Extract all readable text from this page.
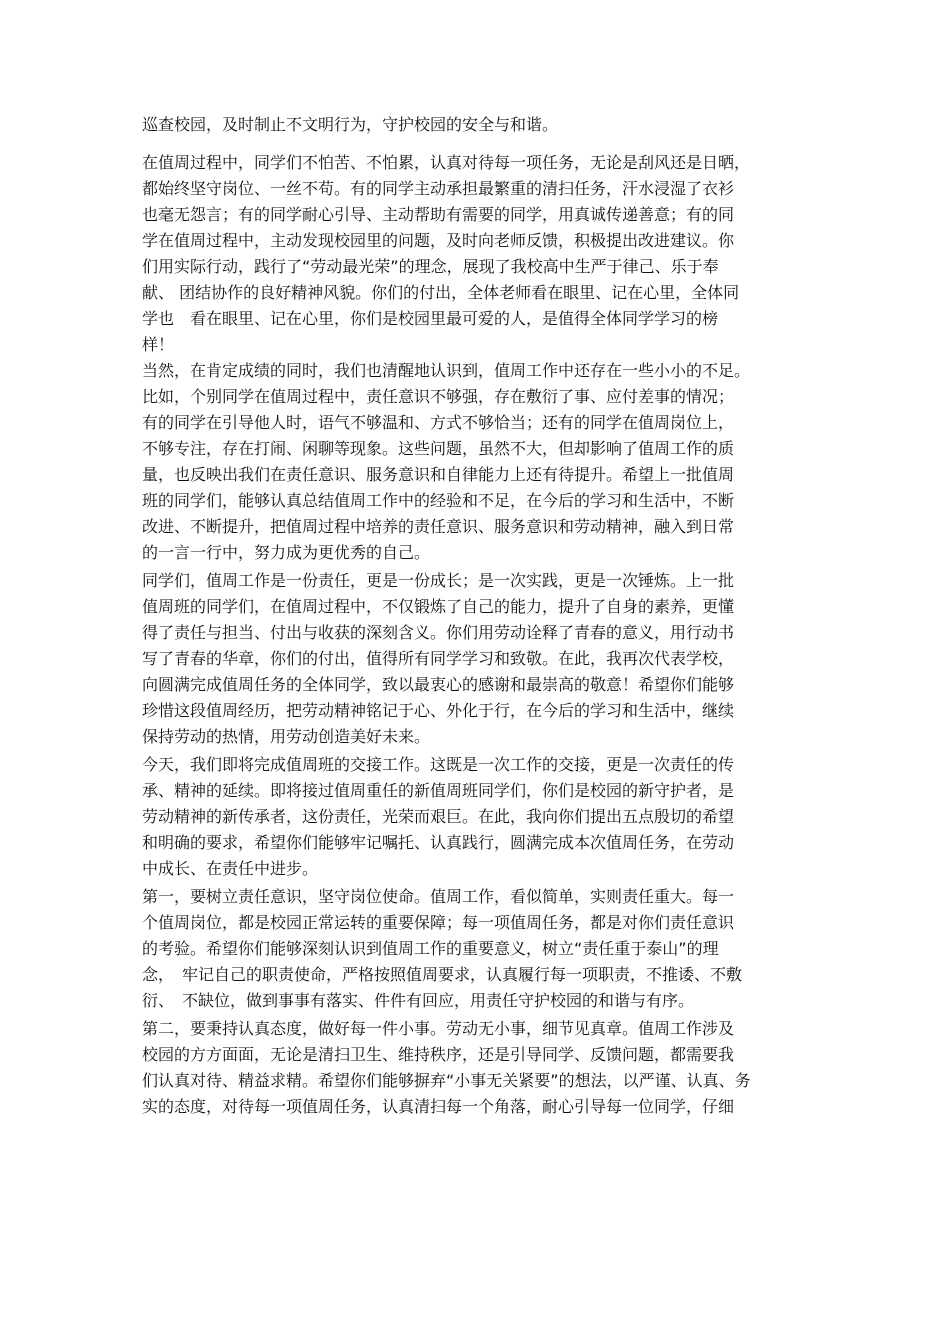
巡查校园，及时制止不文明行为，守护校园的安全与和谐。

在值周过程中，同学们不怕苦、不怕累，认真对待每一项任务，无论是刮风还是日晒，
都始终坚守岗位、一丝不苟。有的同学主动承担最繁重的清扫任务，汗水浸湿了衣衫
也毫无怨言；有的同学耐心引导、主动帮助有需要的同学，用真诚传递善意；有的同
学在值周过程中，主动发现校园里的问题，及时向老师反馈，积极提出改进建议。你
们用实际行动，践行了“劳动最光荣”的理念，展现了我校高中生严于律己、乐于奉
献、 团结协作的良好精神风貌。你们的付出，全体老师看在眼里、记在心里，全体同
学也　看在眼里、记在心里，你们是校园里最可爱的人，是值得全体同学学习的榜
样！

当然，在肯定成绩的同时，我们也清醒地认识到，值周工作中还存在一些小小的不足。
比如，个别同学在值周过程中，责任意识不够强，存在敷衍了事、应付差事的情况；
有的同学在引导他人时，语气不够温和、方式不够恰当；还有的同学在值周岗位上，
不够专注，存在打闹、闲聊等现象。这些问题，虽然不大，但却影响了值周工作的质
量，也反映出我们在责任意识、服务意识和自律能力上还有待提升。希望上一批值周
班的同学们，能够认真总结值周工作中的经验和不足，在今后的学习和生活中，不断
改进、不断提升，把值周过程中培养的责任意识、服务意识和劳动精神，融入到日常
的一言一行中，努力成为更优秀的自己。

同学们，值周工作是一份责任，更是一份成长；是一次实践，更是一次锤炼。上一批
值周班的同学们，在值周过程中，不仅锻炼了自己的能力，提升了自身的素养，更懂
得了责任与担当、付出与收获的深刻含义。你们用劳动诠释了青春的意义，用行动书
写了青春的华章，你们的付出，值得所有同学学习和致敬。在此，我再次代表学校，
向圆满完成值周任务的全体同学，致以最衷心的感谢和最崇高的敬意！希望你们能够
珍惜这段值周经历，把劳动精神铭记于心、外化于行，在今后的学习和生活中，继续
保持劳动的热情，用劳动创造美好未来。

今天，我们即将完成值周班的交接工作。这既是一次工作的交接，更是一次责任的传
承、精神的延续。即将接过值周重任的新值周班同学们，你们是校园的新守护者，是
劳动精神的新传承者，这份责任，光荣而艰巨。在此，我向你们提出五点殷切的希望
和明确的要求，希望你们能够牢记嘱托、认真践行，圆满完成本次值周任务，在劳动
中成长、在责任中进步。

第一，要树立责任意识，坚守岗位使命。值周工作，看似简单，实则责任重大。每一
个值周岗位，都是校园正常运转的重要保障；每一项值周任务，都是对你们责任意识
的考验。希望你们能够深刻认识到值周工作的重要意义，树立“责任重于泰山”的理
念，　牢记自己的职责使命，严格按照值周要求，认真履行每一项职责，不推诿、不敷
衍、　不缺位，做到事事有落实、件件有回应，用责任守护校园的和谐与有序。

第二，要秉持认真态度，做好每一件小事。劳动无小事，细节见真章。值周工作涉及
校园的方方面面，无论是清扫卫生、维持秩序，还是引导同学、反馈问题，都需要我
们认真对待、精益求精。希望你们能够摒弃“小事无关紧要”的想法，以严谨、认真、务
实的态度，对待每一项值周任务，认真清扫每一个角落，耐心引导每一位同学，仔细
